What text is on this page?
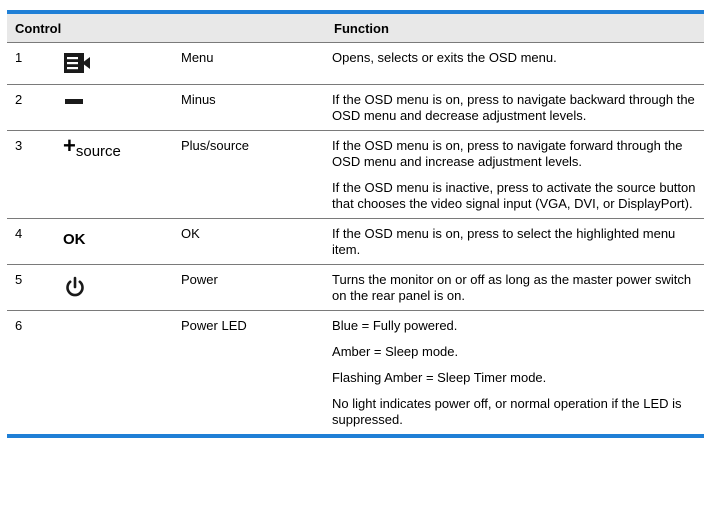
Control			Function
1		Menu	Opens, selects or exits the OSD menu.

2		Minus	If the OSD menu is on, press to navigate backward through the OSD menu and decrease adjustment levels.

3	+source	Plus/source	If the OSD menu is on, press to navigate forward through the OSD menu and increase adjustment levels.

If the OSD menu is inactive, press to activate the source button that chooses the video signal input (VGA, DVI, or DisplayPort).

4	OK	OK	If the OSD menu is on, press to select the highlighted menu item.

5		Power	Turns the monitor on or off as long as the master power switch on the rear panel is on.

6		Power LED	Blue = Fully powered.

Amber = Sleep mode.

Flashing Amber = Sleep Timer mode.

No light indicates power off, or normal operation if the LED is suppressed.
